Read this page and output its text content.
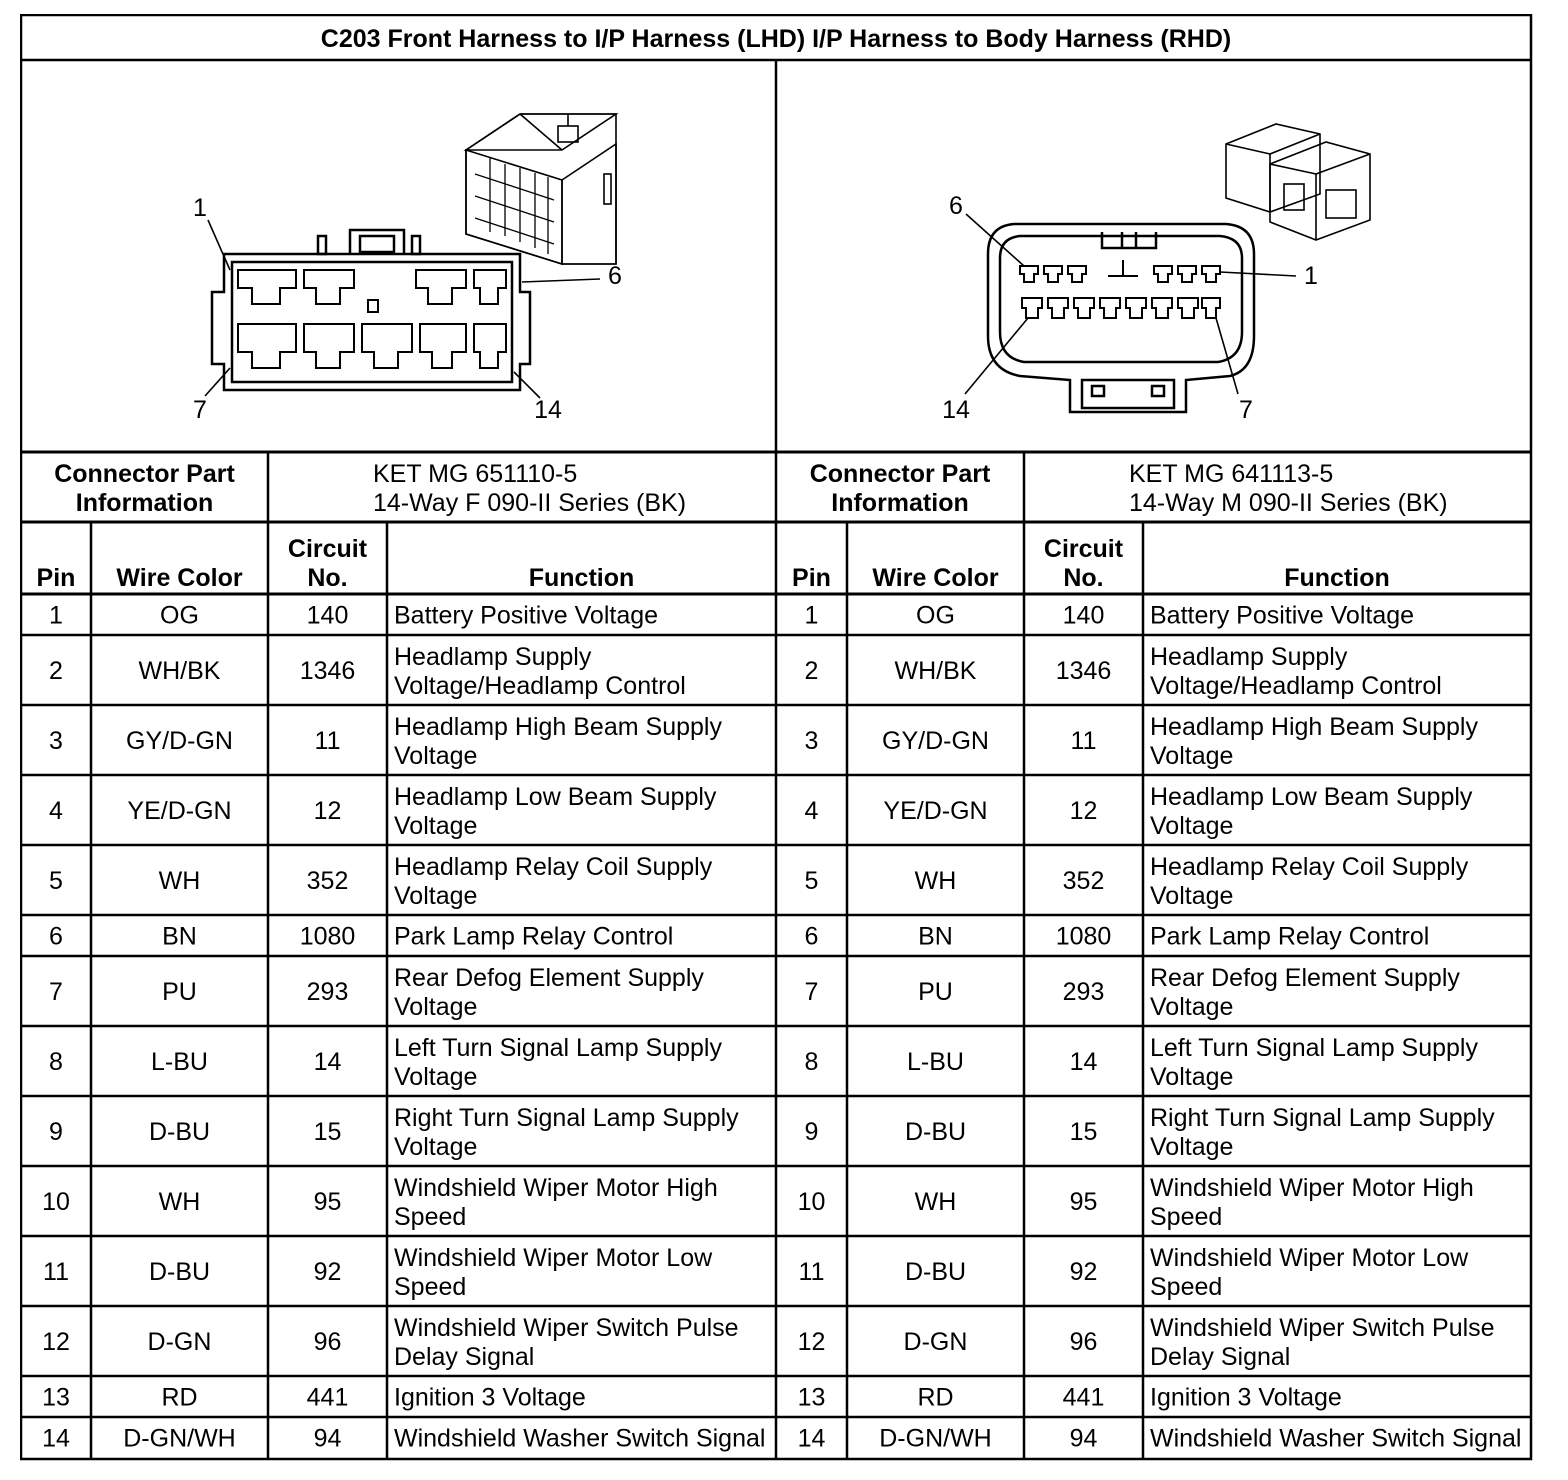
C203 Front Harness to I/P Harness (LHD) I/P Harness to Body Harness (RHD)
1
6
7	14
6
1
14	7
Connector Part
Information
KET MG 651110-5
14-Way F 090-II Series (BK)
Pin Wire Color
Circuit
No.	Function
1	OG	140 Battery Positive Voltage
2	WH/BK	1346 Headlamp Supply
Voltage/Headlamp Control
3	GY/D-GN	11 Headlamp High Beam Supply
Voltage
4	YE/D-GN	12 Headlamp Low Beam Supply
Voltage
5	WH	352 Headlamp Relay Coil Supply
Voltage
6	BN	1080 Park Lamp Relay Control
7	PU	293 Rear Defog Element Supply
Voltage
8	L-BU	14 Left Turn Signal Lamp Supply
Voltage
9	D-BU	15 Right Turn Signal Lamp Supply
Voltage
10	WH	95 Windshield Wiper Motor High
Speed
11	D-BU	92 Windshield Wiper Motor Low
Speed
12	D-GN	96 Windshield Wiper Switch Pulse
Delay Signal
13	RD	441 Ignition 3 Voltage
14 D-GN/WH	94 Windshield Washer Switch Signal
Connector Part
Information
KET MG 641113-5
14-Way M 090-II Series (BK)
Pin Wire Color
Circuit
No.	Function
1	OG	140 Battery Positive Voltage
2	WH/BK	1346 Headlamp Supply
Voltage/Headlamp Control
3	GY/D-GN	11 Headlamp High Beam Supply
Voltage
4	YE/D-GN	12 Headlamp Low Beam Supply
Voltage
5	WH	352 Headlamp Relay Coil Supply
Voltage
6	BN	1080 Park Lamp Relay Control
7	PU	293 Rear Defog Element Supply
Voltage
8	L-BU	14 Left Turn Signal Lamp Supply
Voltage
9	D-BU	15 Right Turn Signal Lamp Supply
Voltage
10	WH	95 Windshield Wiper Motor High
Speed
11	D-BU	92 Windshield Wiper Motor Low
Speed
12	D-GN	96 Windshield Wiper Switch Pulse
Delay Signal
13	RD	441 Ignition 3 Voltage
14 D-GN/WH	94 Windshield Washer Switch Signal
